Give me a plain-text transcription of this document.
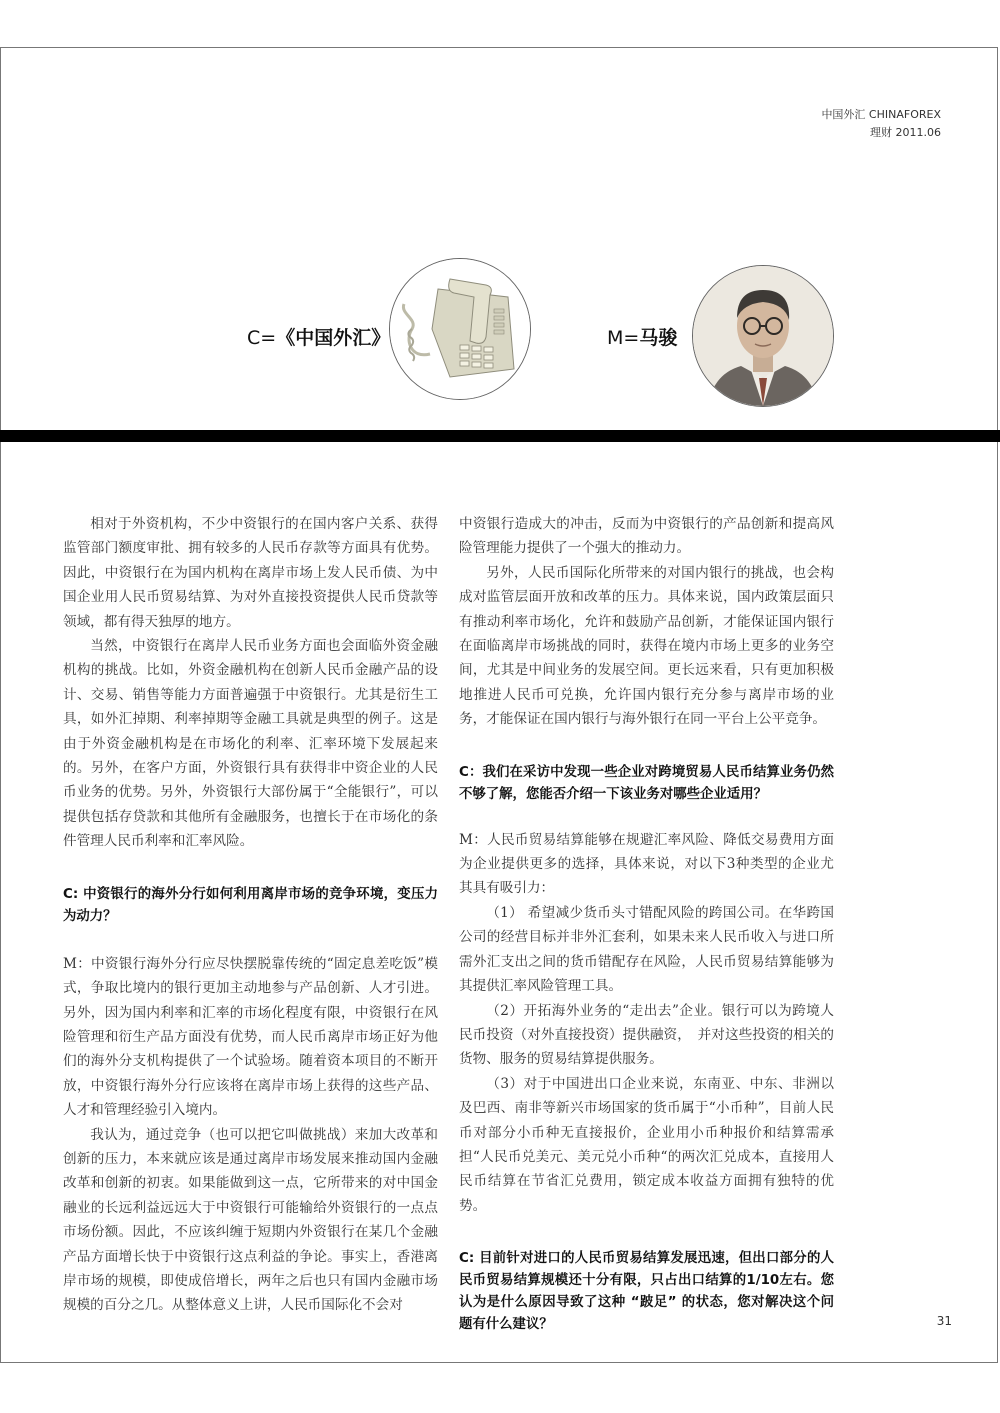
中国外汇 CHINAFOREX
理财 2011.06
C=《中国外汇》	M=马骏

相对于外资机构，不少中资银行的在国内客户关系、获得监管部门额度审批、拥有较多的人民币存款等方面具有优势。因此，中资银行在为国内机构在离岸市场上发人民币债、为中国企业用人民币贸易结算、为对外直接投资提供人民币贷款等领域，都有得天独厚的地方。

当然，中资银行在离岸人民币业务方面也会面临外资金融机构的挑战。比如，外资金融机构在创新人民币金融产品的设计、交易、销售等能力方面普遍强于中资银行。尤其是衍生工具，如外汇掉期、利率掉期等金融工具就是典型的例子。这是由于外资金融机构是在市场化的利率、汇率环境下发展起来的。另外，在客户方面，外资银行具有获得非中资企业的人民币业务的优势。另外，外资银行大部份属于“全能银行”，可以提供包括存贷款和其他所有金融服务，也擅长于在市场化的条件管理人民币利率和汇率风险。

C: 中资银行的海外分行如何利用离岸市场的竞争环境，变压力为动力？

M：中资银行海外分行应尽快摆脱靠传统的“固定息差吃饭”模式，争取比境内的银行更加主动地参与产品创新、人才引进。另外，因为国内利率和汇率的市场化程度有限，中资银行在风险管理和衍生产品方面没有优势，而人民币离岸市场正好为他们的海外分支机构提供了一个试验场。随着资本项目的不断开放，中资银行海外分行应该将在离岸市场上获得的这些产品、人才和管理经验引入境内。

我认为，通过竞争（也可以把它叫做挑战）来加大改革和创新的压力，本来就应该是通过离岸市场发展来推动国内金融改革和创新的初衷。如果能做到这一点，它所带来的对中国金融业的长远利益远远大于中资银行可能输给外资银行的一点点市场份额。因此，不应该纠缠于短期内外资银行在某几个金融产品方面增长快于中资银行这点利益的争论。事实上，香港离岸市场的规模，即使成倍增长，两年之后也只有国内金融市场规模的百分之几。从整体意义上讲，人民币国际化不会对

中资银行造成大的冲击，反而为中资银行的产品创新和提高风险管理能力提供了一个强大的推动力。

另外，人民币国际化所带来的对国内银行的挑战，也会构成对监管层面开放和改革的压力。具体来说，国内政策层面只有推动利率市场化，允许和鼓励产品创新，才能保证国内银行在面临离岸市场挑战的同时，获得在境内市场上更多的业务空间，尤其是中间业务的发展空间。更长远来看，只有更加积极地推进人民币可兑换，允许国内银行充分参与离岸市场的业务，才能保证在国内银行与海外银行在同一平台上公平竞争。

C：我们在采访中发现一些企业对跨境贸易人民币结算业务仍然不够了解，您能否介绍一下该业务对哪些企业适用？

M：人民币贸易结算能够在规避汇率风险、降低交易费用方面为企业提供更多的选择，具体来说，对以下3种类型的企业尤其具有吸引力：

（1） 希望减少货币头寸错配风险的跨国公司。在华跨国公司的经营目标并非外汇套利，如果未来人民币收入与进口所需外汇支出之间的货币错配存在风险，人民币贸易结算能够为其提供汇率风险管理工具。

（2）开拓海外业务的“走出去”企业。银行可以为跨境人民币投资（对外直接投资）提供融资，　并对这些投资的相关的货物、服务的贸易结算提供服务。

（3）对于中国进出口企业来说，东南亚、中东、非洲以及巴西、南非等新兴市场国家的货币属于“小币种”，目前人民币对部分小币种无直接报价，企业用小币种报价和结算需承担“人民币兑美元、美元兑小币种“的两次汇兑成本，直接用人民币结算在节省汇兑费用，锁定成本收益方面拥有独特的优势。

C: 目前针对进口的人民币贸易结算发展迅速，但出口部分的人民币贸易结算规模还十分有限，只占出口结算的1/10左右。您认为是什么原因导致了这种 “跛足” 的状态，您对解决这个问题有什么建议？	31
